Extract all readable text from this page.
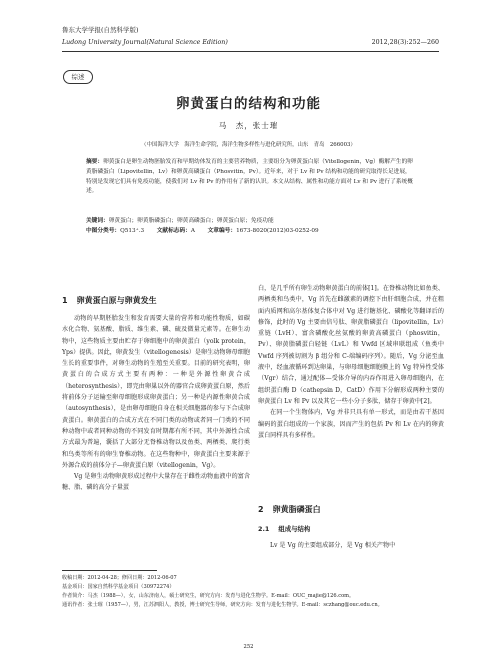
鲁东大学学报(自然科学版)
Ludong University Journal(Natural Science Edition)	2012,28(3):252—260
综述
卵黄蛋白的结构和功能
马　杰，张士璀
（中国海洋大学　海洋生命学院，海洋生物多样性与进化研究所，山东　青岛　266003）
摘要：卵黄蛋白是卵生动物胚胎发育和早期幼体发育的主要营养物质，主要组分为卵黄蛋白原（Vitellogenin，Vg）酶解产生的卵黄脂磷蛋白（Lipovitellin，Lv）和卵黄高磷蛋白（Phosvitin，Pv）。近年来，对于 Lv 和 Pv 结构和功能的研究取得长足进展，特别是发现它们具有免疫功能，使我们对 Lv 和 Pv 的作用有了新的认识。本文从结构、属性和功能方面对 Lv 和 Pv 进行了系统概述。
关键词：卵黄蛋白；卵黄脂磷蛋白；卵黄高磷蛋白；卵黄蛋白原；免疫功能
中图分类号：Q513⁺.3 文献标志码：A 文章编号：1673-8020(2012)03-0252-09
1 卵黄蛋白原与卵黄发生

动物的早期胚胎发生和发育需要大量的营养和功能性物质，如碳水化合物、氨基酸、脂质、维生素、磷、硫及微量元素等。在卵生动物中，这些物质主要由贮存于卵细胞中的卵黄蛋白（yolk protein，Yps）提供。因此，卵黄发生（vitellogenesis）是卵生动物卵母细胞生长的重要事件，对卵生动物的生殖至关重要。目前的研究表明，卵黄蛋白的合成方式主要有两种：一种是外源性卵黄合成（heterosynthesis），即完由卵巢以外的器官合成卵黄蛋白原，然后将前体分子运输至卵母细胞形成卵黄蛋白；另一种是内源性卵黄合成（autosynthesis），是由卵母细胞自身在相关细胞器的参与下合成卵黄蛋白。卵黄蛋白的合成方式在不同门类的动物或者同一门类的不同种动物中或者同种动物的不同发育时期都有所不同，其中外源性合成方式最为普遍，囊括了大部分无脊椎动物以及鱼类、两栖类、爬行类和鸟类等所有的卵生脊椎动物。在这些物种中，卵黄蛋白主要来源于外源合成的前体分子—卵黄蛋白原（vitellogenin，Vg）。

Vg 是卵生动物卵黄形成过程中大量存在于雌性动物血液中的富含糖、脂、磷的高分子量蛋

白，是几乎所有卵生动物卵黄蛋白的前体[1]。在脊椎动物比如鱼类、两栖类和鸟类中，Vg 首先在雌激素的调控下由肝细胞合成，并在粗面内质网和高尔基体复合体中对 Vg 进行糖基化、磷酸化等翻译后的修饰，此时的 Vg 主要由信号肽、卵黄脂磷蛋白（lipovitellin，Lv）重链（LvH）、富含磷酸化丝氨酸的卵黄高磷蛋白（phosvitin，Pv）、卵黄脂磷蛋白轻链（LvL）和 Vwfd 区域串联组成（鱼类中 Vwfd 序列被切割为 β 组分和 C-端编码序列）。随后，Vg 分泌至血液中，经血液循环到达卵巢，与卵母细胞细胞膜上的 Vg 特异性受体（Vgr）结合，通过配体—受体介导的内吞作用进入卵母细胞内，在组织蛋白酶 D（cathepsin D，CatD）作用下分解形成两种主要的卵黄蛋白 Lv 和 Pv 以及其它一些小分子多肽，储存于卵黄中[2]。

在同一个生物体内，Vg 并非只具有单一形式，而是由若干基因编码的蛋白组成的一个家族，因而产生的包括 Pv 和 Lv 在内的卵黄蛋白同样具有多样性。

2 卵黄脂磷蛋白
2.1 组成与结构

Lv 是 Vg 的主要组成部分，是 Vg 相关产物中

收稿日期：2012-04-28；修回日期：2012-06-07
基金项目：国家自然科学基金项目（30972274）
作者简介：马杰（1988—），女，山东济南人，硕士研究生，研究方向：发育与进化生物学。E-mail：OUC_majie@126.com。
通讯作者：张士璀（1957—），男，江苏泗阳人，教授，博士研究生导师，研究方向：发育与进化生物学。E-mail：sczhang@ouc.edu.cn。
252
